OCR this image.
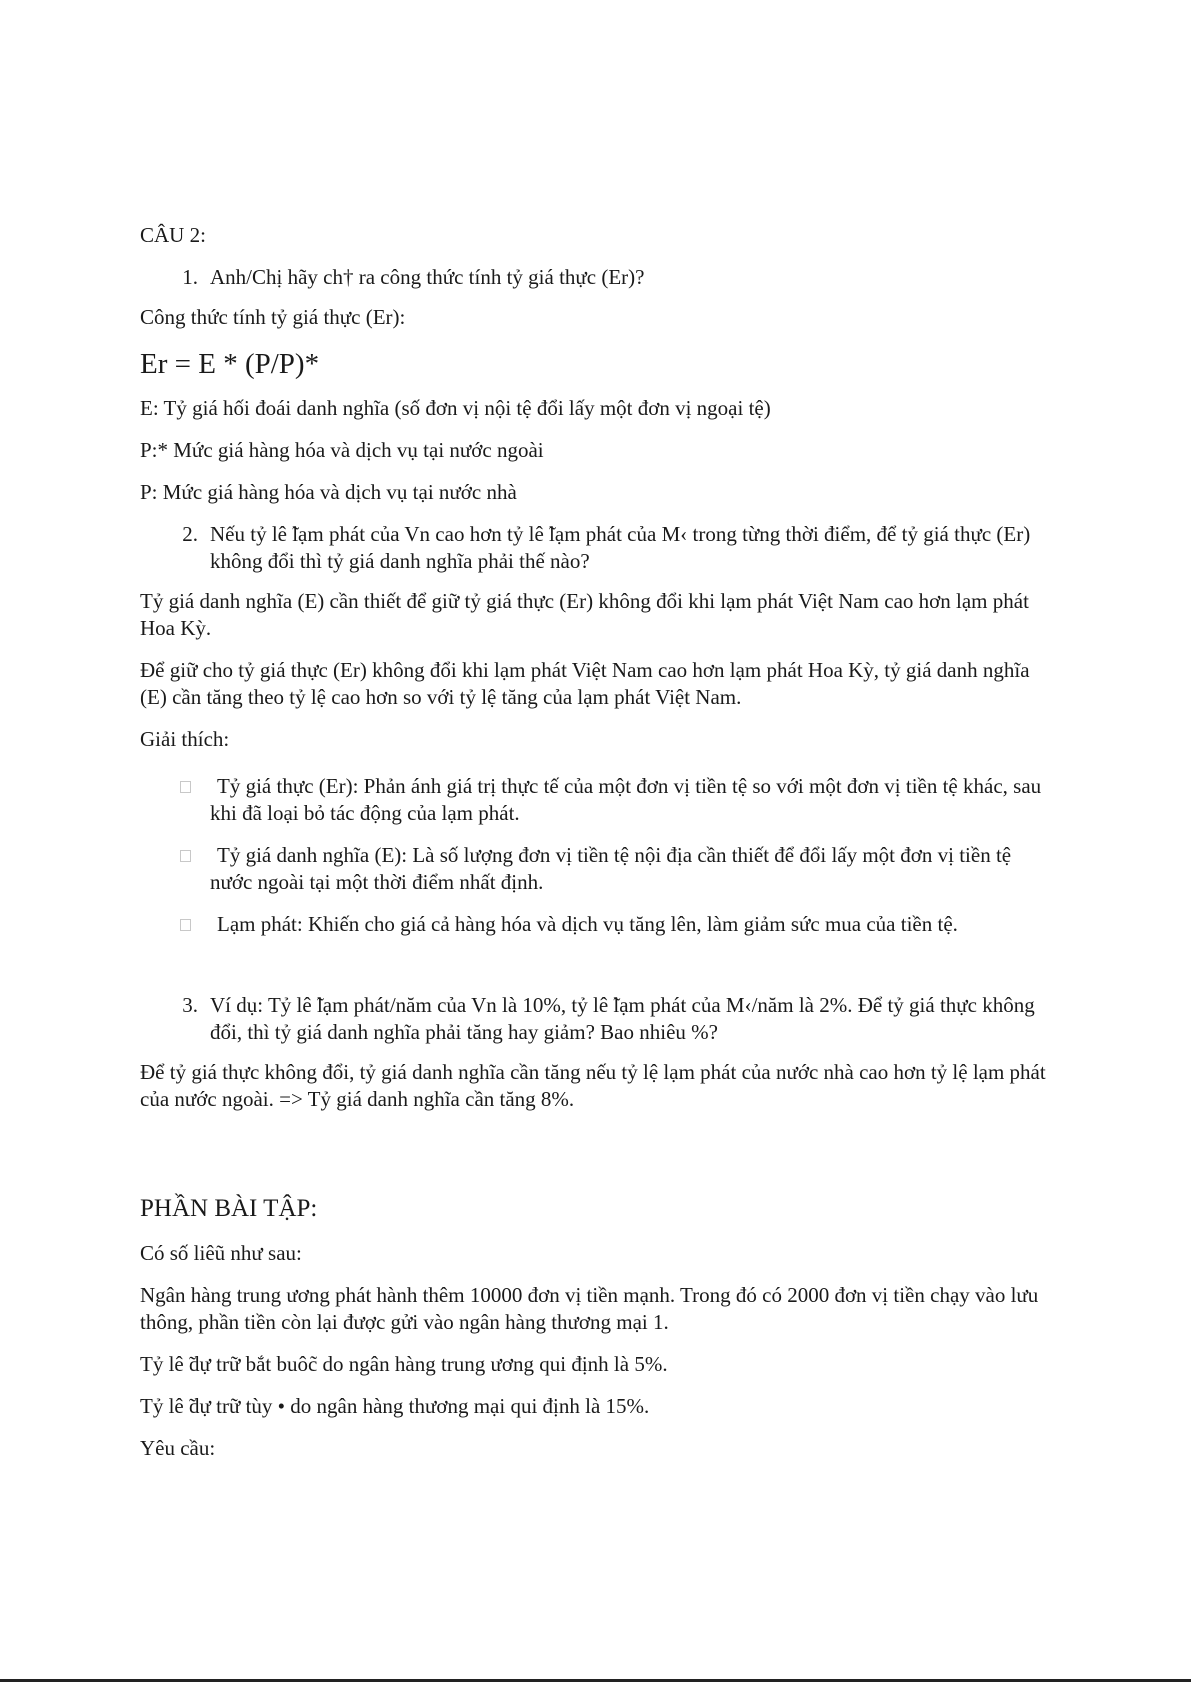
CÂU 2:

1. Anh/Chị hãy ch† ra công thức tính tỷ giá thực (Er)?

Công thức tính tỷ giá thực (Er):

Er = E * (P/P)*

E: Tỷ giá hối đoái danh nghĩa (số đơn vị nội tệ đổi lấy một đơn vị ngoại tệ)

P:* Mức giá hàng hóa và dịch vụ tại nước ngoài

P: Mức giá hàng hóa và dịch vụ tại nước nhà

2. Nếu tỷ lê ̃lạm phát của Vn cao hơn tỷ lê ̃lạm phát của M‹ trong từng thời điểm, để tỷ giá thực (Er) không đổi thì tỷ giá danh nghĩa phải thế nào?

Tỷ giá danh nghĩa (E) cần thiết để giữ tỷ giá thực (Er) không đổi khi lạm phát Việt Nam cao hơn lạm phát Hoa Kỳ.

Để giữ cho tỷ giá thực (Er) không đổi khi lạm phát Việt Nam cao hơn lạm phát Hoa Kỳ, tỷ giá danh nghĩa (E) cần tăng theo tỷ lệ cao hơn so với tỷ lệ tăng của lạm phát Việt Nam.

Giải thích:

Tỷ giá thực (Er): Phản ánh giá trị thực tế của một đơn vị tiền tệ so với một đơn vị tiền tệ khác, sau khi đã loại bỏ tác động của lạm phát.
Tỷ giá danh nghĩa (E): Là số lượng đơn vị tiền tệ nội địa cần thiết để đổi lấy một đơn vị tiền tệ nước ngoài tại một thời điểm nhất định.
Lạm phát: Khiến cho giá cả hàng hóa và dịch vụ tăng lên, làm giảm sức mua của tiền tệ.
3. Ví dụ: Tỷ lê ̃lạm phát/năm của Vn là 10%, tỷ lê ̃lạm phát của M‹/năm là 2%. Để tỷ giá thực không đổi, thì tỷ giá danh nghĩa phải tăng hay giảm? Bao nhiêu %?

Để tỷ giá thực không đổi, tỷ giá danh nghĩa cần tăng nếu tỷ lệ lạm phát của nước nhà cao hơn tỷ lệ lạm phát của nước ngoài. => Tỷ giá danh nghĩa cần tăng 8%.

PHẦN BÀI TẬP:

Có số liêũ như sau:

Ngân hàng trung ương phát hành thêm 10000 đơn vị tiền mạnh. Trong đó có 2000 đơn vị tiền chạy vào lưu thông, phần tiền còn lại được gửi vào ngân hàng thương mại 1.

Tỷ lê ̃dự trữ bắt buôc̃ do ngân hàng trung ương qui định là 5%.

Tỷ lê ̃dự trữ tùy • do ngân hàng thương mại qui định là 15%.

Yêu cầu:
